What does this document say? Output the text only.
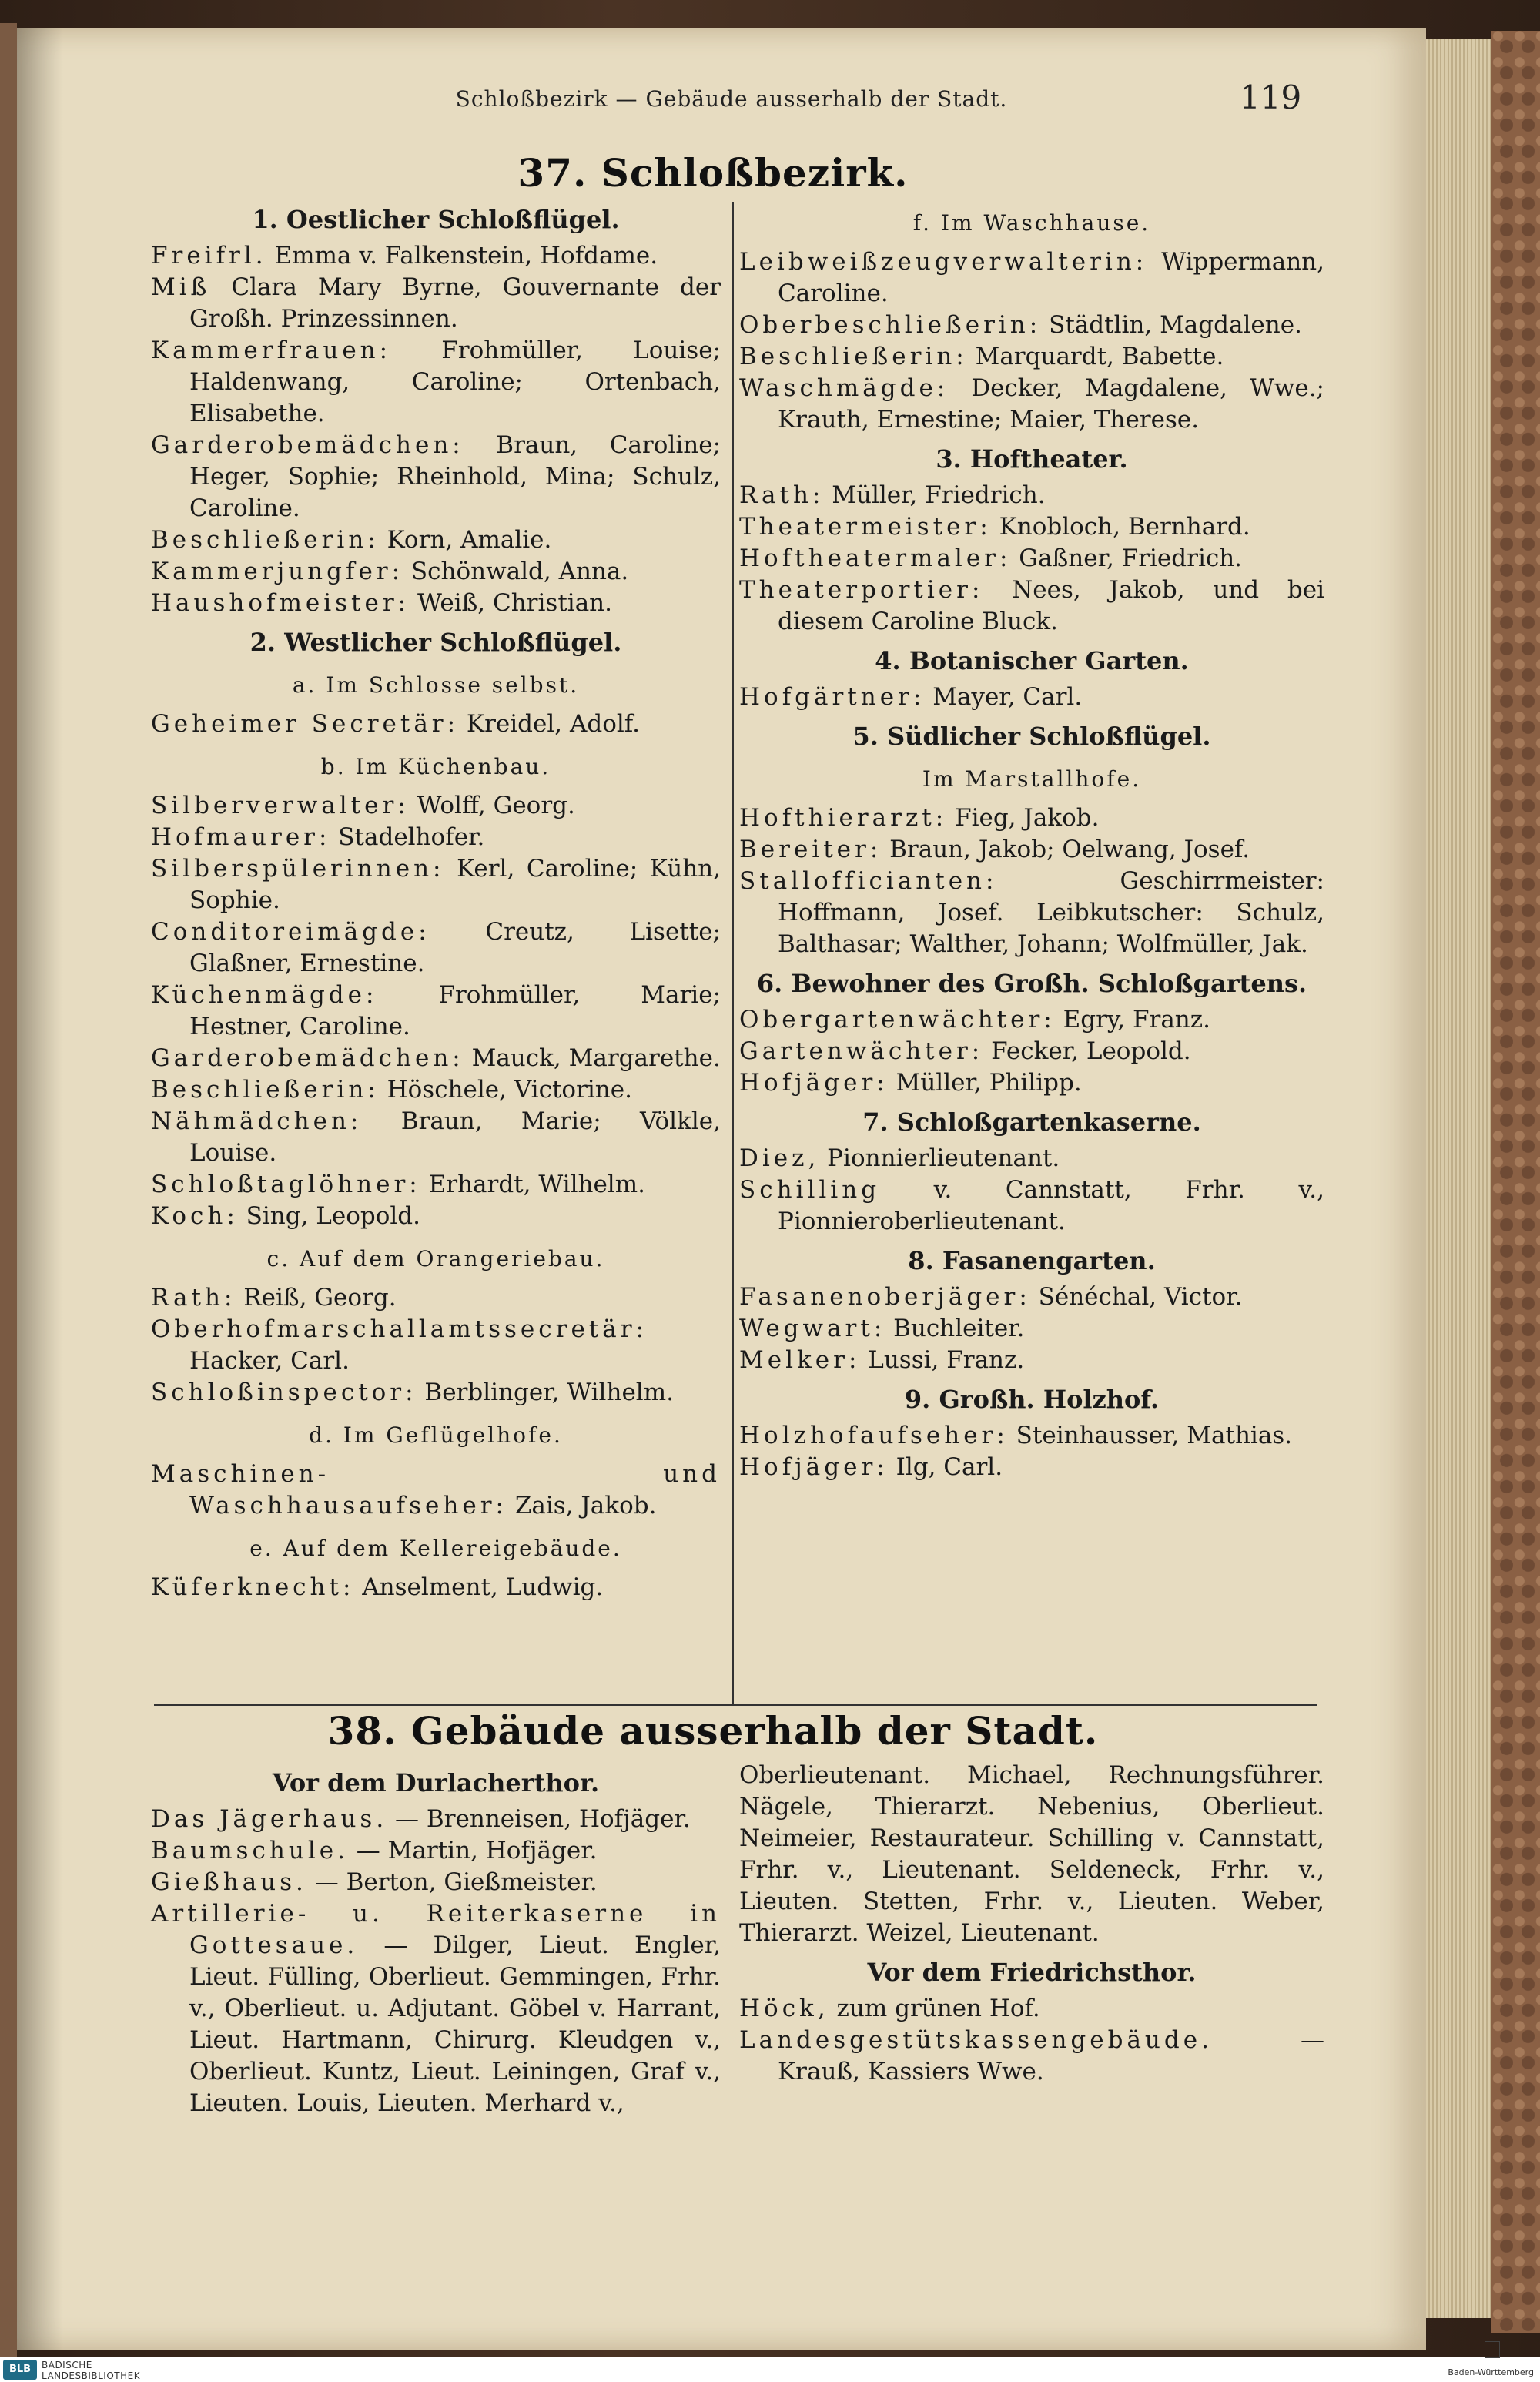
Schloßbezirk — Gebäude ausserhalb der Stadt.	119
37. Schloßbezirk.
1. Oestlicher Schloßflügel.
Freifrl. Emma v. Falkenstein, Hofdame.
Miß Clara Mary Byrne, Gouvernante der Großh. Prinzessinnen.
Kammerfrauen: Frohmüller, Louise; Haldenwang, Caroline; Ortenbach, Elisabethe.
Garderobemädchen: Braun, Caroline; Heger, Sophie; Rheinhold, Mina; Schulz, Caroline.
Beschließerin: Korn, Amalie.
Kammerjungfer: Schönwald, Anna.
Haushofmeister: Weiß, Christian.
2. Westlicher Schloßflügel.
a. Im Schlosse selbst.
Geheimer Secretär: Kreidel, Adolf.
b. Im Küchenbau.
Silberverwalter: Wolff, Georg.
Hofmaurer: Stadelhofer.
Silberspülerinnen: Kerl, Caroline; Kühn, Sophie.
Conditoreimägde: Creutz, Lisette; Glaßner, Ernestine.
Küchenmägde: Frohmüller, Marie; Hestner, Caroline.
Garderobemädchen: Mauck, Margarethe.
Beschließerin: Höschele, Victorine.
Nähmädchen: Braun, Marie; Völkle, Louise.
Schloßtaglöhner: Erhardt, Wilhelm.
Koch: Sing, Leopold.
c. Auf dem Orangeriebau.
Rath: Reiß, Georg.
Oberhofmarschallamtssecretär: Hacker, Carl.
Schloßinspector: Berblinger, Wilhelm.
d. Im Geflügelhofe.
Maschinen- und Waschhausaufseher: Zais, Jakob.
e. Auf dem Kellereigebäude.
Küferknecht: Anselment, Ludwig.
f. Im Waschhause.
Leibweißzeugverwalterin: Wippermann, Caroline.
Oberbeschließerin: Städtlin, Magdalene.
Beschließerin: Marquardt, Babette.
Waschmägde: Decker, Magdalene, Wwe.; Krauth, Ernestine; Maier, Therese.
3. Hoftheater.
Rath: Müller, Friedrich.
Theatermeister: Knobloch, Bernhard.
Hoftheatermaler: Gaßner, Friedrich.
Theaterportier: Nees, Jakob, und bei diesem Caroline Bluck.
4. Botanischer Garten.
Hofgärtner: Mayer, Carl.
5. Südlicher Schloßflügel.
Im Marstallhofe.
Hofthierarzt: Fieg, Jakob.
Bereiter: Braun, Jakob; Oelwang, Josef.
Stallofficianten: Geschirrmeister: Hoffmann, Josef. Leibkutscher: Schulz, Balthasar; Walther, Johann; Wolfmüller, Jak.
6. Bewohner des Großh. Schloßgartens.
Obergartenwächter: Egry, Franz.
Gartenwächter: Fecker, Leopold.
Hofjäger: Müller, Philipp.
7. Schloßgartenkaserne.
Diez, Pionnierlieutenant.
Schilling v. Cannstatt, Frhr. v., Pionnieroberlieutenant.
8. Fasanengarten.
Fasanenoberjäger: Sénéchal, Victor.
Wegwart: Buchleiter.
Melker: Lussi, Franz.
9. Großh. Holzhof.
Holzhofaufseher: Steinhausser, Mathias.
Hofjäger: Ilg, Carl.
38. Gebäude ausserhalb der Stadt.
Vor dem Durlacherthor.
Das Jägerhaus. — Brenneisen, Hofjäger.
Baumschule. — Martin, Hofjäger.
Gießhaus. — Berton, Gießmeister.
Artillerie- u. Reiterkaserne in Gottesaue. — Dilger, Lieut. Engler, Lieut. Fülling, Oberlieut. Gemmingen, Frhr. v., Oberlieut. u. Adjutant. Göbel v. Harrant, Lieut. Hartmann, Chirurg. Kleudgen v., Oberlieut. Kuntz, Lieut. Leiningen, Graf v., Lieuten. Louis, Lieuten. Merhard v.,
Oberlieutenant. Michael, Rechnungsführer. Nägele, Thierarzt. Nebenius, Oberlieut. Neimeier, Restaurateur. Schilling v. Cannstatt, Frhr. v., Lieutenant. Seldeneck, Frhr. v., Lieuten. Stetten, Frhr. v., Lieuten. Weber, Thierarzt. Weizel, Lieutenant.
Vor dem Friedrichsthor.
Höck, zum grünen Hof.
Landesgestütskassengebäude. — Krauß, Kassiers Wwe.
BLB	BADISCHE
LANDESBIBLIOTHEK	Baden-Württemberg
